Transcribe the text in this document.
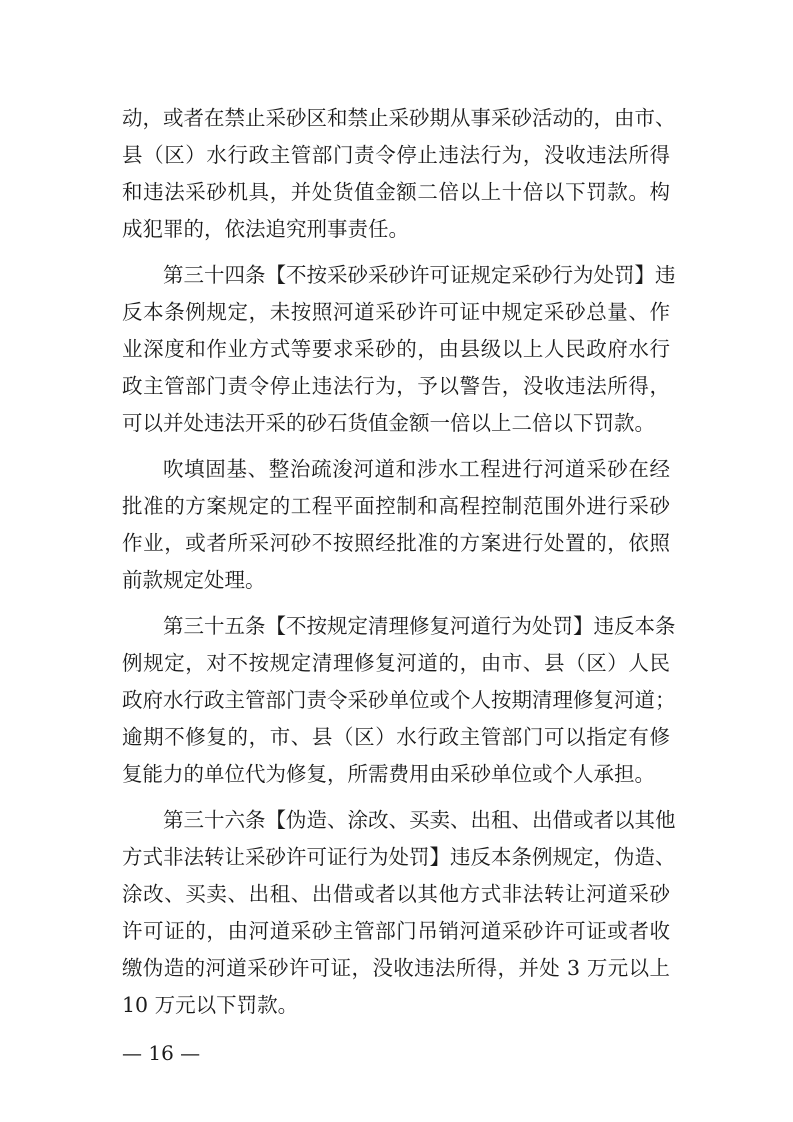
动，或者在禁止采砂区和禁止采砂期从事采砂活动的，由市、
县（区）水行政主管部门责令停止违法行为，没收违法所得
和违法采砂机具，并处货值金额二倍以上十倍以下罚款。构
成犯罪的，依法追究刑事责任。
第三十四条【不按采砂采砂许可证规定采砂行为处罚】违
反本条例规定，未按照河道采砂许可证中规定采砂总量、作
业深度和作业方式等要求采砂的，由县级以上人民政府水行
政主管部门责令停止违法行为，予以警告，没收违法所得，
可以并处违法开采的砂石货值金额一倍以上二倍以下罚款。
吹填固基、整治疏浚河道和涉水工程进行河道采砂在经
批准的方案规定的工程平面控制和高程控制范围外进行采砂
作业，或者所采河砂不按照经批准的方案进行处置的，依照
前款规定处理。
第三十五条【不按规定清理修复河道行为处罚】违反本条
例规定，对不按规定清理修复河道的，由市、县（区）人民
政府水行政主管部门责令采砂单位或个人按期清理修复河道；
逾期不修复的，市、县（区）水行政主管部门可以指定有修
复能力的单位代为修复，所需费用由采砂单位或个人承担。
第三十六条【伪造、涂改、买卖、出租、出借或者以其他
方式非法转让采砂许可证行为处罚】违反本条例规定，伪造、
涂改、买卖、出租、出借或者以其他方式非法转让河道采砂
许可证的，由河道采砂主管部门吊销河道采砂许可证或者收
缴伪造的河道采砂许可证，没收违法所得，并处 3 万元以上
10 万元以下罚款。
— 16 —
